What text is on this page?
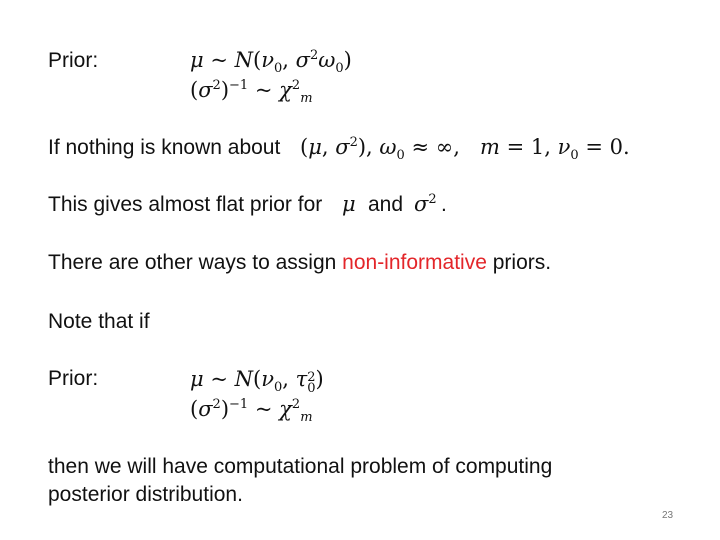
Prior:	μ ~ $N(\nu_0$, $\sigma^2\omega_0$)
$(\sigma^2)^{-1}$ ~ $\chi^2_m$
If nothing is known about (μ, $\sigma^2$), $\omega_0$ ≈ ∞,   m = 1, $\nu_0 = 0$.
This gives almost flat prior for μ and $\sigma^2$ .
There are other ways to assign non-informative priors.
Note that if
Prior:	μ ~ $N(\nu_0$, τ2
0)
$(\sigma^2)^{-1}$ ~ $\chi^2_m$
then we will have computational problem of computing
posterior distribution.
23
